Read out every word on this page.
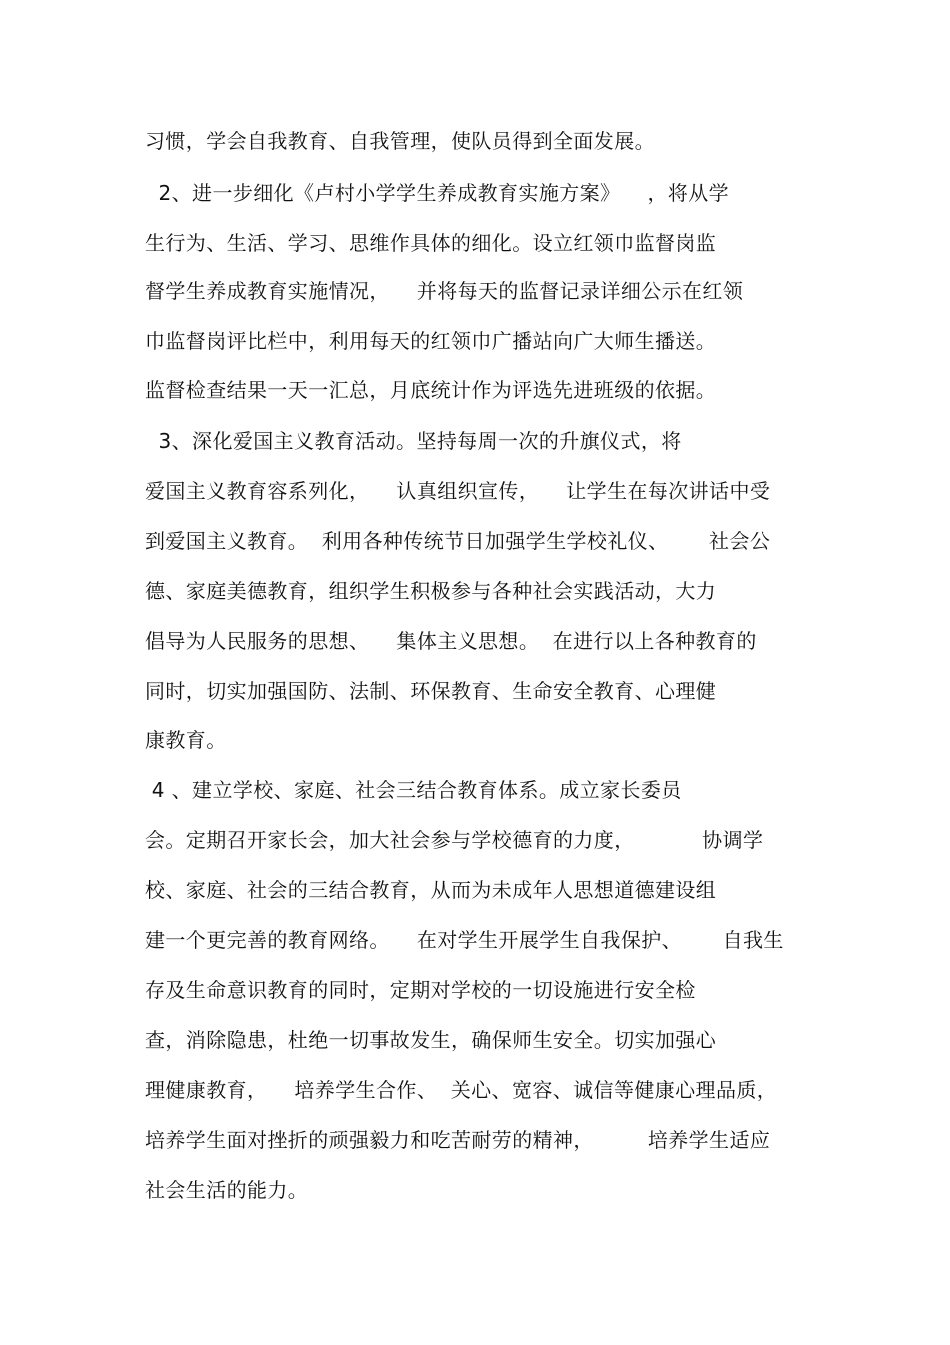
习惯，学会自我教育、自我管理，使队员得到全面发展。
2、进一步细化《卢村小学学生养成教育实施方案》    ，将从学
生行为、生活、学习、思维作具体的细化。设立红领巾监督岗监
督学生养成教育实施情况，    并将每天的监督记录详细公示在红领
巾监督岗评比栏中，利用每天的红领巾广播站向广大师生播送。
监督检查结果一天一汇总，月底统计作为评选先进班级的依据。
3、深化爱国主义教育活动。坚持每周一次的升旗仪式，将
爱国主义教育容系列化，    认真组织宣传，    让学生在每次讲话中受
到爱国主义教育。  利用各种传统节日加强学生学校礼仪、      社会公
德、家庭美德教育，组织学生积极参与各种社会实践活动，大力
倡导为人民服务的思想、    集体主义思想。  在进行以上各种教育的
同时，切实加强国防、法制、环保教育、生命安全教育、心理健
康教育。
4 、建立学校、家庭、社会三结合教育体系。成立家长委员
会。定期召开家长会，加大社会参与学校德育的力度，          协调学
校、家庭、社会的三结合教育，从而为未成年人思想道德建设组
建一个更完善的教育网络。    在对学生开展学生自我保护、      自我生
存及生命意识教育的同时，定期对学校的一切设施进行安全检
查，消除隐患，杜绝一切事故发生，确保师生安全。切实加强心
理健康教育，    培养学生合作、  关心、宽容、诚信等健康心理品质，
培养学生面对挫折的顽强毅力和吃苦耐劳的精神，        培养学生适应
社会生活的能力。
